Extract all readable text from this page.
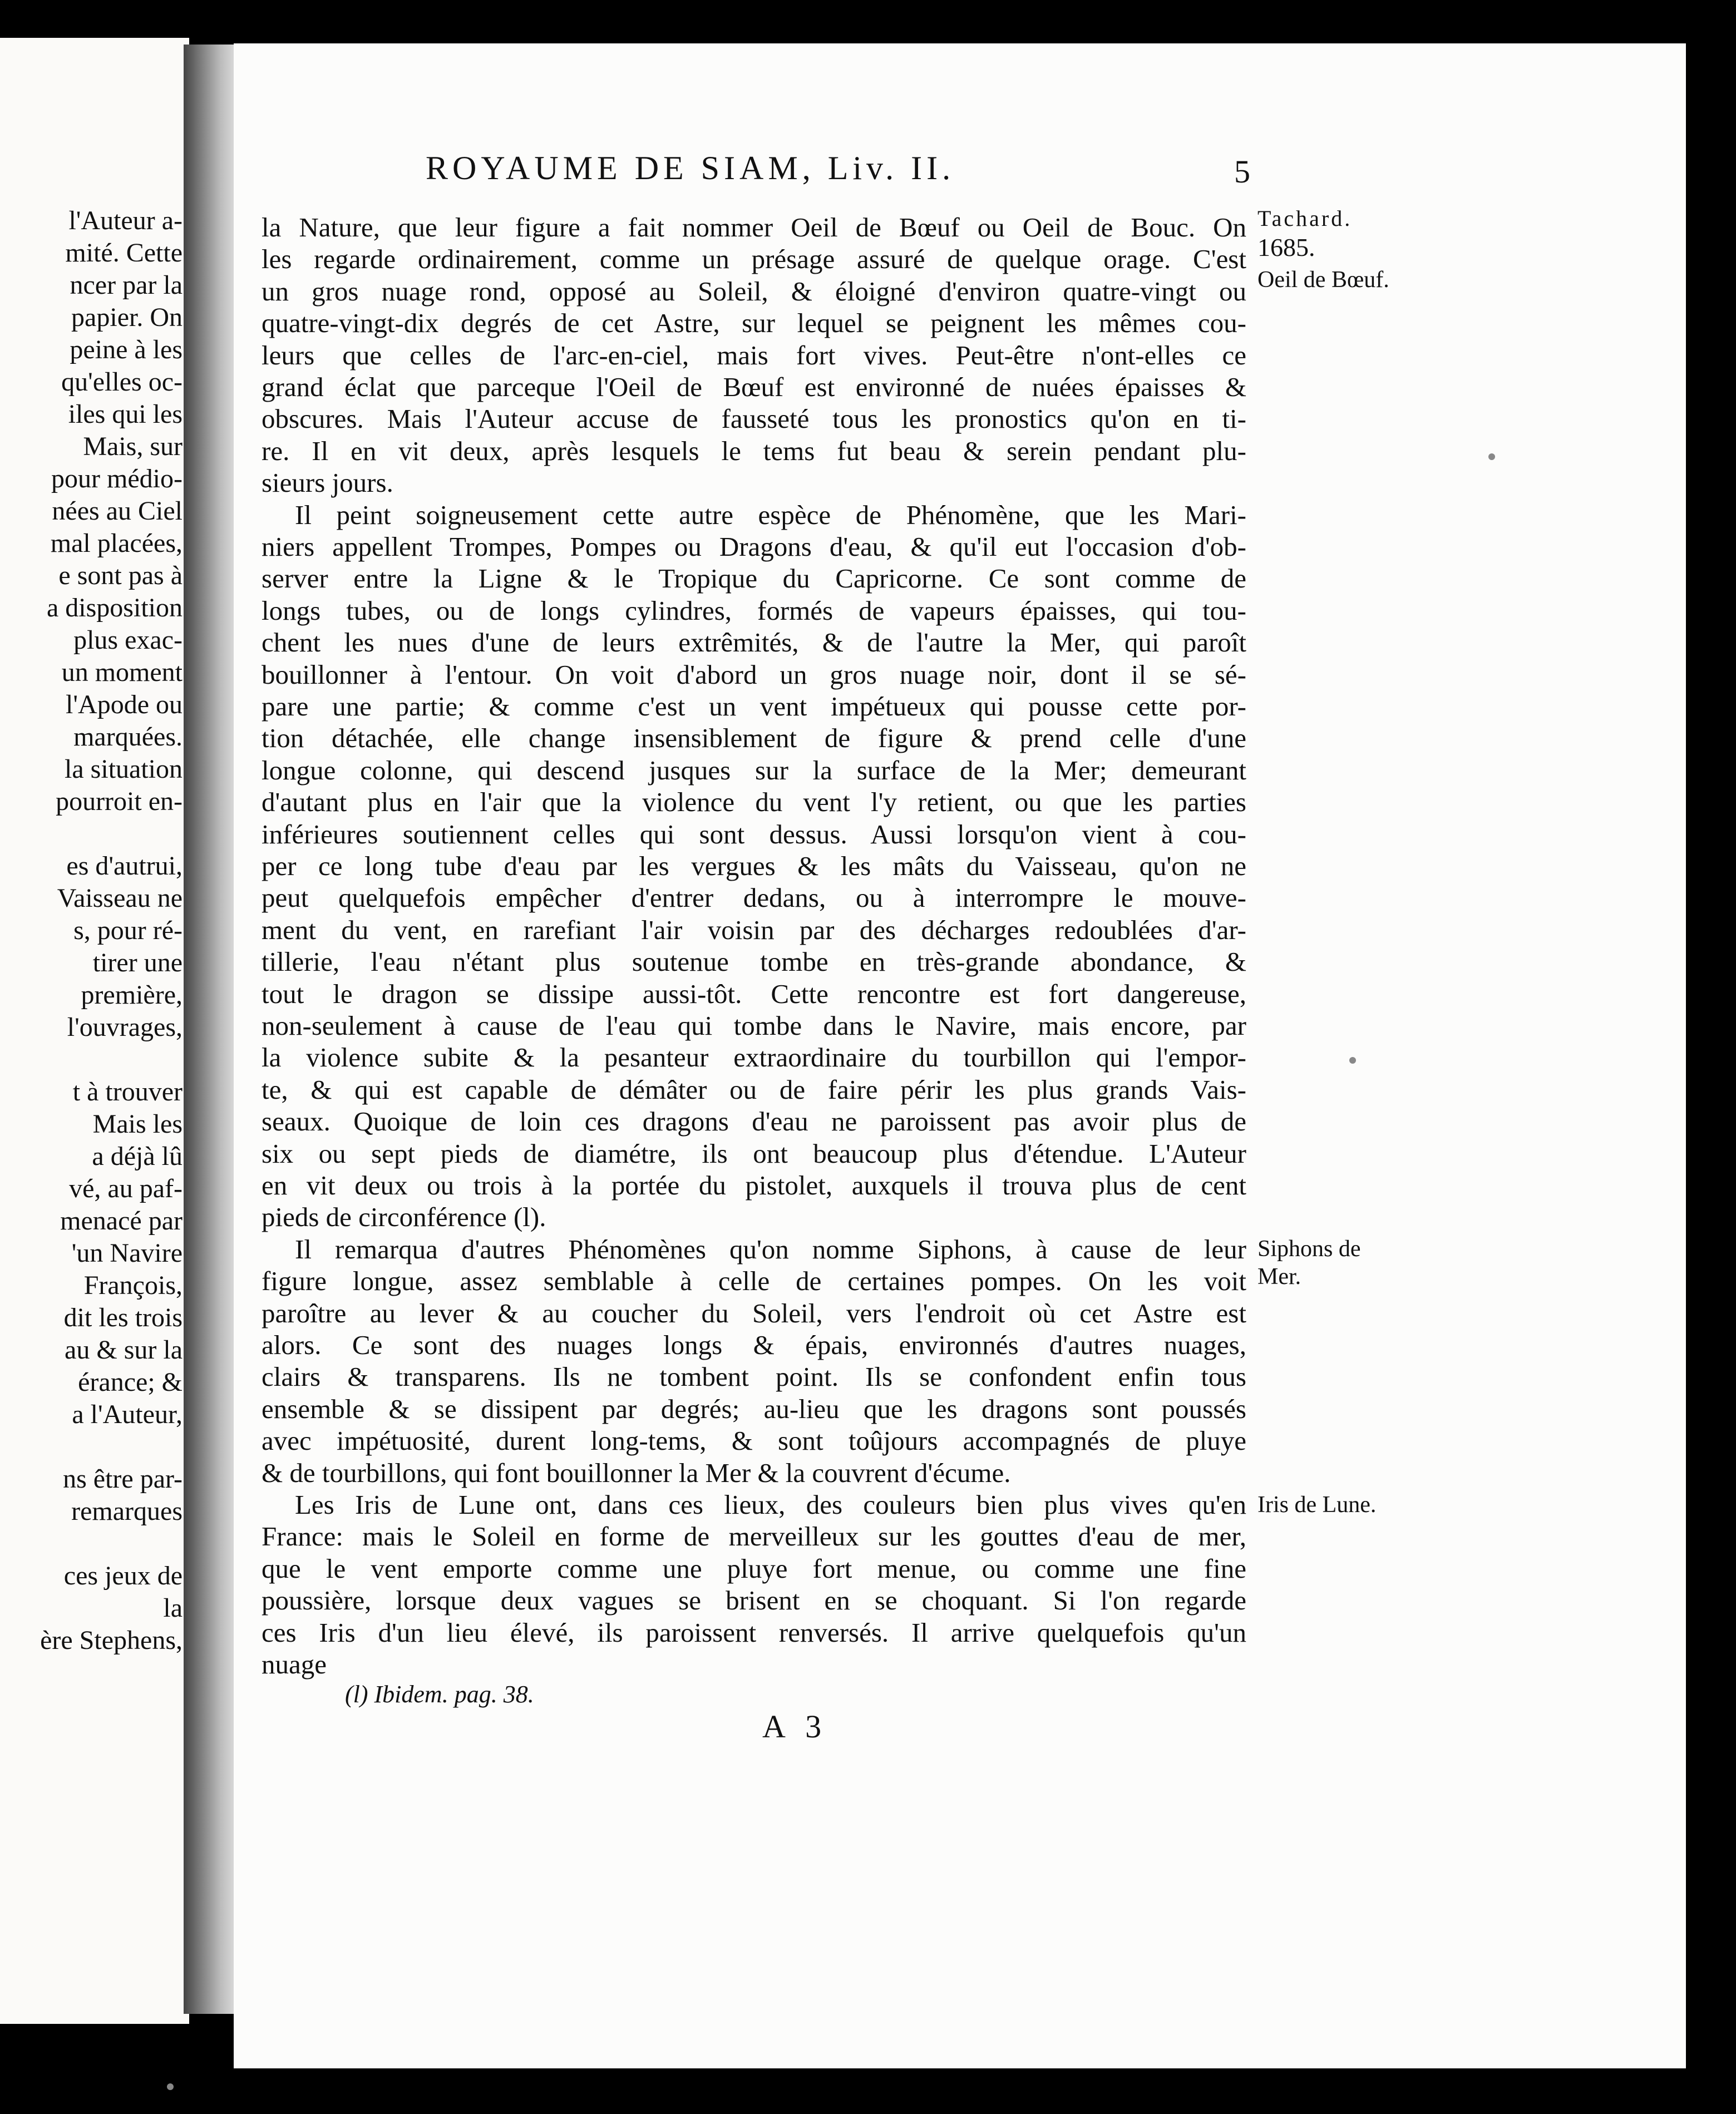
l'Auteur a-
mité. Cette
ncer par la
papier. On
peine à les
qu'elles oc-
iles qui les
Mais, sur
pour médio-
nées au Ciel
mal placées,
e sont pas à
a disposition
plus exac-
un moment
l'Apode ou
marquées.
la situation
pourroit en-
es d'autrui,
Vaisseau ne
s, pour ré-
tirer une
première,
l'ouvrages,
t à trouver
Mais les
a déjà lû
vé, au paf-
menacé par
'un Navire
François,
dit les trois
au & sur la
érance; &
a l'Auteur,
ns être par-
remarques
ces jeux de
la
ère Stephens,
ROYAUME DE SIAM, Liv. II.	5
Tachard.
1685.
Oeil de Bœuf.
Siphons de
Mer.
Iris de Lune.
la Nature, que leur figure a fait nommer Oeil de Bœuf ou Oeil de Bouc. On
les regarde ordinairement, comme un présage assuré de quelque orage. C'est
un gros nuage rond, opposé au Soleil, & éloigné d'environ quatre-vingt ou
quatre-vingt-dix degrés de cet Astre, sur lequel se peignent les mêmes cou-
leurs que celles de l'arc-en-ciel, mais fort vives. Peut-être n'ont-elles ce
grand éclat que parceque l'Oeil de Bœuf est environné de nuées épaisses &
obscures. Mais l'Auteur accuse de fausseté tous les pronostics qu'on en ti-
re. Il en vit deux, après lesquels le tems fut beau & serein pendant plu-
sieurs jours.
Il peint soigneusement cette autre espèce de Phénomène, que les Mari-
niers appellent Trompes, Pompes ou Dragons d'eau, & qu'il eut l'occasion d'ob-
server entre la Ligne & le Tropique du Capricorne. Ce sont comme de
longs tubes, ou de longs cylindres, formés de vapeurs épaisses, qui tou-
chent les nues d'une de leurs extrêmités, & de l'autre la Mer, qui paroît
bouillonner à l'entour. On voit d'abord un gros nuage noir, dont il se sé-
pare une partie; & comme c'est un vent impétueux qui pousse cette por-
tion détachée, elle change insensiblement de figure & prend celle d'une
longue colonne, qui descend jusques sur la surface de la Mer; demeurant
d'autant plus en l'air que la violence du vent l'y retient, ou que les parties
inférieures soutiennent celles qui sont dessus. Aussi lorsqu'on vient à cou-
per ce long tube d'eau par les vergues & les mâts du Vaisseau, qu'on ne
peut quelquefois empêcher d'entrer dedans, ou à interrompre le mouve-
ment du vent, en rarefiant l'air voisin par des décharges redoublées d'ar-
tillerie, l'eau n'étant plus soutenue tombe en très-grande abondance, &
tout le dragon se dissipe aussi-tôt. Cette rencontre est fort dangereuse,
non-seulement à cause de l'eau qui tombe dans le Navire, mais encore, par
la violence subite & la pesanteur extraordinaire du tourbillon qui l'empor-
te, & qui est capable de démâter ou de faire périr les plus grands Vais-
seaux. Quoique de loin ces dragons d'eau ne paroissent pas avoir plus de
six ou sept pieds de diamétre, ils ont beaucoup plus d'étendue. L'Auteur
en vit deux ou trois à la portée du pistolet, auxquels il trouva plus de cent
pieds de circonférence (l).
Il remarqua d'autres Phénomènes qu'on nomme Siphons, à cause de leur
figure longue, assez semblable à celle de certaines pompes. On les voit
paroître au lever & au coucher du Soleil, vers l'endroit où cet Astre est
alors. Ce sont des nuages longs & épais, environnés d'autres nuages,
clairs & transparens. Ils ne tombent point. Ils se confondent enfin tous
ensemble & se dissipent par degrés; au-lieu que les dragons sont poussés
avec impétuosité, durent long-tems, & sont toûjours accompagnés de pluye
& de tourbillons, qui font bouillonner la Mer & la couvrent d'écume.
Les Iris de Lune ont, dans ces lieux, des couleurs bien plus vives qu'en
France: mais le Soleil en forme de merveilleux sur les gouttes d'eau de mer,
que le vent emporte comme une pluye fort menue, ou comme une fine
poussière, lorsque deux vagues se brisent en se choquant. Si l'on regarde
ces Iris d'un lieu élevé, ils paroissent renversés. Il arrive quelquefois qu'un
nuage
(l) Ibidem. pag. 38.
A 3
